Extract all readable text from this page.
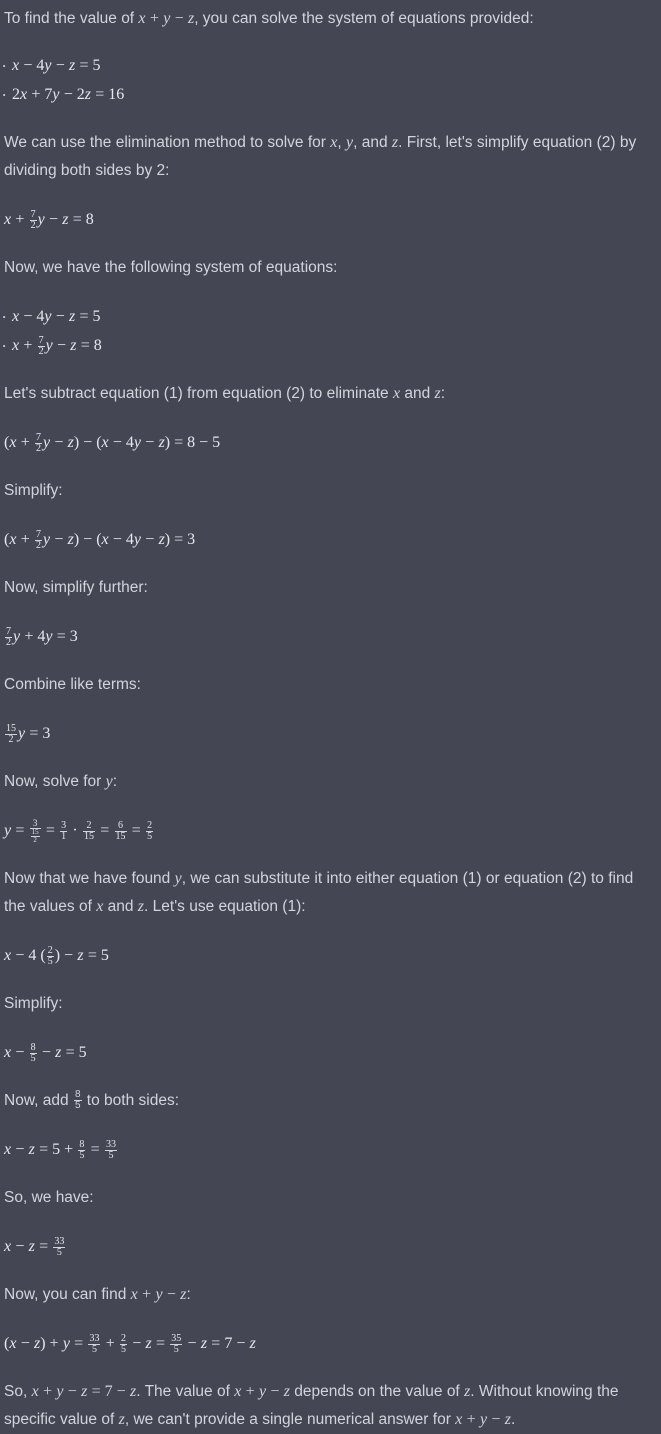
To find the value of x + y − z, you can solve the system of equations provided:

. x − 4y − z = 5
. 2x + 7y − 2z = 16

We can use the elimination method to solve for x, y, and z. First, let's simplify equation (2) by dividing both sides by 2:

$x + \frac{7}{2}$ y − z = 8

Now, we have the following system of equations:

. x − 4y − z = 5
. $x + \frac{7}{2}$ y − z = 8

Let's subtract equation (1) from equation (2) to eliminate x and z:

($x + \frac{7}{2}$ y − z) − (x − 4y − z) = 8 − 5

Simplify:

($x + \frac{7}{2}$ y − z) − (x − 4y − z) = 3

Now, simplify further:

$\frac{7}{2}$ y + 4y = 3

Combine like terms:

$\frac{15}{2}$ y = 3

Now, solve for y:

$y = \frac{3}{\frac{15}{2}} = \frac{3}{1} \cdot \frac{2}{15} = \frac{6}{15} = \frac{2}{5}$

Now that we have found y, we can substitute it into either equation (1) or equation (2) to find the values of x and z. Let's use equation (1):

x − 4 ( $\frac{2}{5}$ ) − z = 5

Simplify:

$x - \frac{8}{5} - z = 5$

Now, add $\frac{8}{5}$ to both sides:

$x - z = 5 + \frac{8}{5} = \frac{33}{5}$

So, we have:

$x - z = \frac{33}{5}$

Now, you can find x + y − z:

$(x - z) + y = \frac{33}{5} + \frac{2}{5} - z = \frac{35}{5} - z = 7 - z$

So, x + y − z = 7 − z. The value of x + y − z depends on the value of z. Without knowing the specific value of z, we can't provide a single numerical answer for x + y − z.
